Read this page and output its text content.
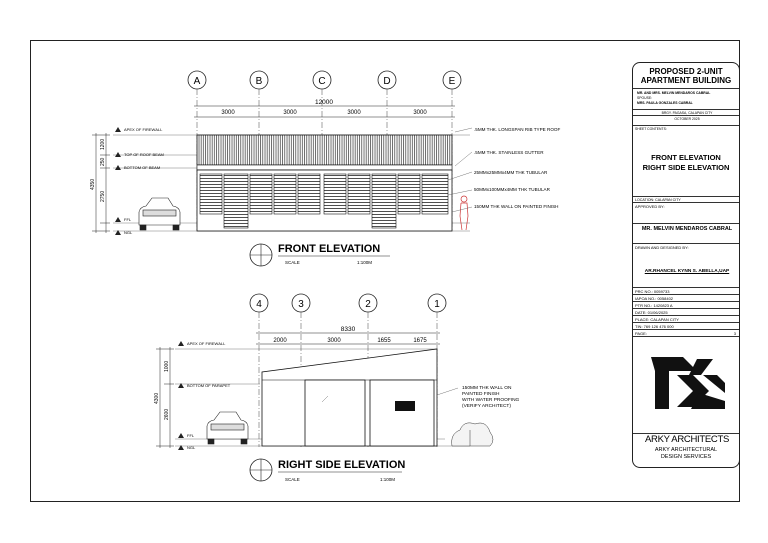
A	B	C	D	E
12000
3000	3000	3000	3000
1200
250
2750
4350
APEX OF FIREWALL
TOP OF ROOF BEAM
BOTTOM OF BEAM
FFL
NGL
.5MM THK. LONGSPAN RIB TYPE ROOF
.5MM THK. STAINLESS GUTTER
25MMx25MMx4MM THK TUBULAR
50MMx100MMx4MM THK TUBULAR
150MM THK WALL ON PAINTED FINISH
FRONT ELEVATION
SCALE	1:100M
4	3	2	1
8330
2000	3000	1655	1675
1000
2600
4300
APEX OF FIREWALL
BOTTOM OF PARAPET
FFL
NGL
150MM THK WALL ON
PAINTED FINISH
WITH WATER PROOFING
(VERIFY ARCHITECT)
RIGHT SIDE ELEVATION
SCALE	1:100M
PROPOSED 2-UNIT APARTMENT BUILDING
MR. AND MRS. MELVIN MENDAROS CABRAL
SPOUSE:
MRS. PAULA GONZALES CABRAL
BRGY. PAGASA, CALAPAN CITY
OCTOBER 2025
SHEET CONTENTS:
FRONT ELEVATION
RIGHT SIDE ELEVATION
LOCATION: CALAPAN CITY
APPROVED BY:
MR. MELVIN MENDAROS CABRAL
DRAWN AND DESIGNED BY:
AR.RHANCEL KYNN S. ABELLA,UAP
PRC NO.: 0059733
IAPOA NO.: 0058402
PTR NO.: 1420823 A
DATE: 01/06/2025
PLACE: CALAPAN CITY
TIN: 769 126 476 000
PAGE:	3
ARKY ARCHITECTS
ARKY ARCHITECTURAL
DESIGN SERVICES
